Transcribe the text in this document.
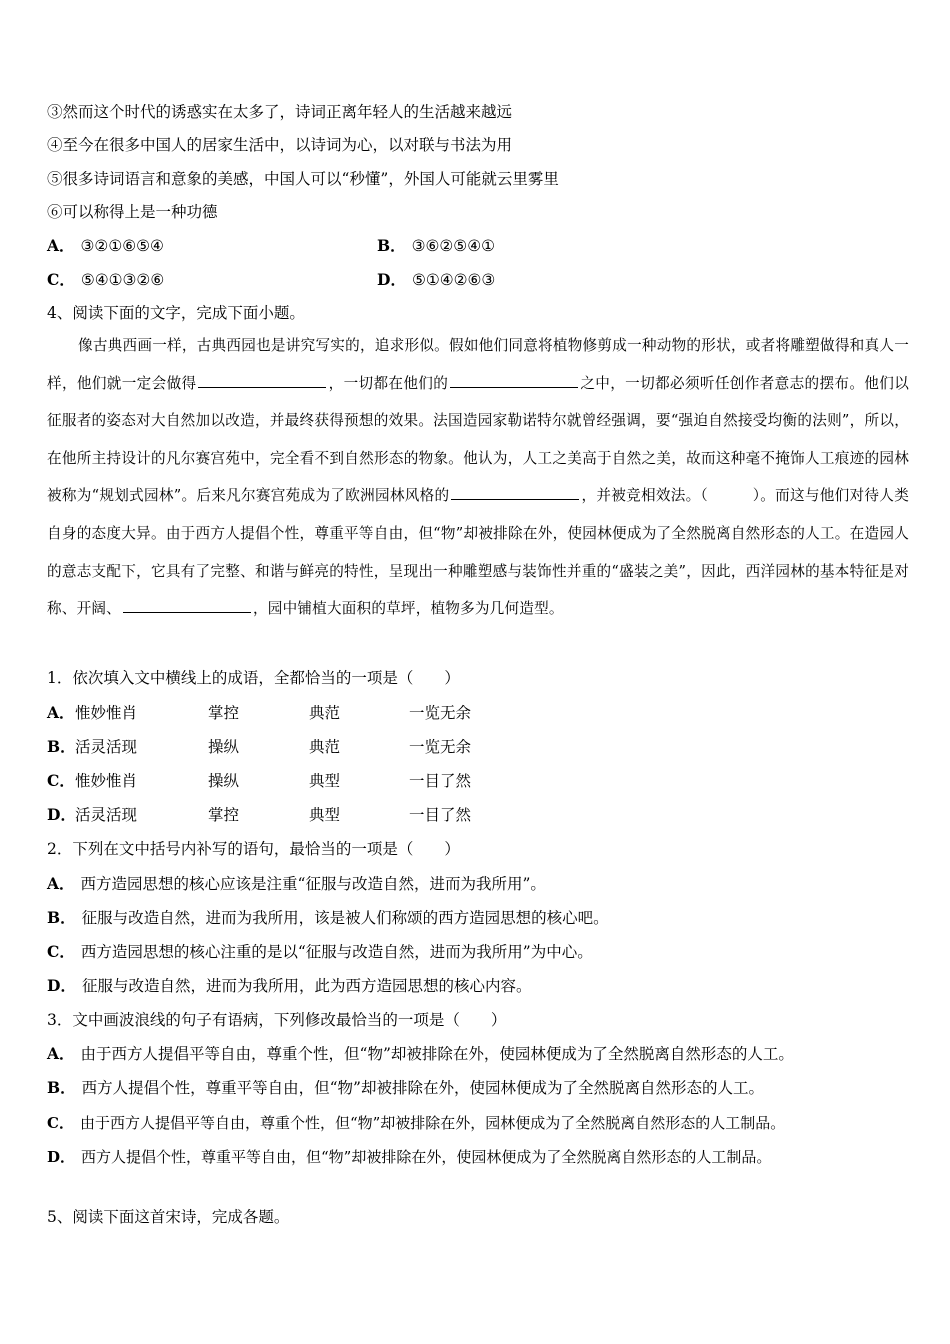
③然而这个时代的诱惑实在太多了，诗词正离年轻人的生活越来越远
④至今在很多中国人的居家生活中，以诗词为心，以对联与书法为用
⑤很多诗词语言和意象的美感，中国人可以“秒懂”，外国人可能就云里雾里
⑥可以称得上是一种功德
A． ③②①⑥⑤④	B． ③⑥②⑤④①
C． ⑤④①③②⑥	D． ⑤①④②⑥③
4、阅读下面的文字，完成下面小题。
像古典西画一样，古典西园也是讲究写实的，追求形似。假如他们同意将植物修剪成一种动物的形状，或者将雕塑做得和真人一样，他们就一定会做得	，一切都在他们的	之中，一切都必须听任创作者意志的摆布。他们以征服者的姿态对大自然加以改造，并最终获得预想的效果。法国造园家勒诺特尔就曾经强调，要“强迫自然接受均衡的法则”，所以，在他所主持设计的凡尔赛宫苑中，完全看不到自然形态的物象。他认为，人工之美高于自然之美，故而这种毫不掩饰人工痕迹的园林被称为“规划式园林”。后来凡尔赛宫苑成为了欧洲园林风格的	，并被竞相效法。（　　　）。而这与他们对待人类自身的态度大异。由于西方人提倡个性，尊重平等自由，但“物”却被排除在外，使园林便成为了全然脱离自然形态的人工。在造园人的意志支配下，它具有了完整、和谐与鲜亮的特性，呈现出一种雕塑感与装饰性并重的“盛装之美”，因此，西洋园林的基本特征是对称、开阔、	，园中铺植大面积的草坪，植物多为几何造型。
1．依次填入文中横线上的成语，全都恰当的一项是（　　）
A． 惟妙惟肖	掌控	典范	一览无余
B． 活灵活现	操纵	典范	一览无余
C． 惟妙惟肖	操纵	典型	一目了然
D． 活灵活现	掌控	典型	一目了然
2．下列在文中括号内补写的语句，最恰当的一项是（　　）
A． 西方造园思想的核心应该是注重“征服与改造自然，进而为我所用”。
B． 征服与改造自然，进而为我所用，该是被人们称颂的西方造园思想的核心吧。
C． 西方造园思想的核心注重的是以“征服与改造自然，进而为我所用”为中心。
D． 征服与改造自然，进而为我所用，此为西方造园思想的核心内容。
3．文中画波浪线的句子有语病，下列修改最恰当的一项是（　　）
A． 由于西方人提倡平等自由，尊重个性，但“物”却被排除在外，使园林便成为了全然脱离自然形态的人工。
B． 西方人提倡个性，尊重平等自由，但“物”却被排除在外，使园林便成为了全然脱离自然形态的人工。
C． 由于西方人提倡平等自由，尊重个性，但“物”却被排除在外，园林便成为了全然脱离自然形态的人工制品。
D． 西方人提倡个性，尊重平等自由，但“物”却被排除在外，使园林便成为了全然脱离自然形态的人工制品。
5、阅读下面这首宋诗，完成各题。
